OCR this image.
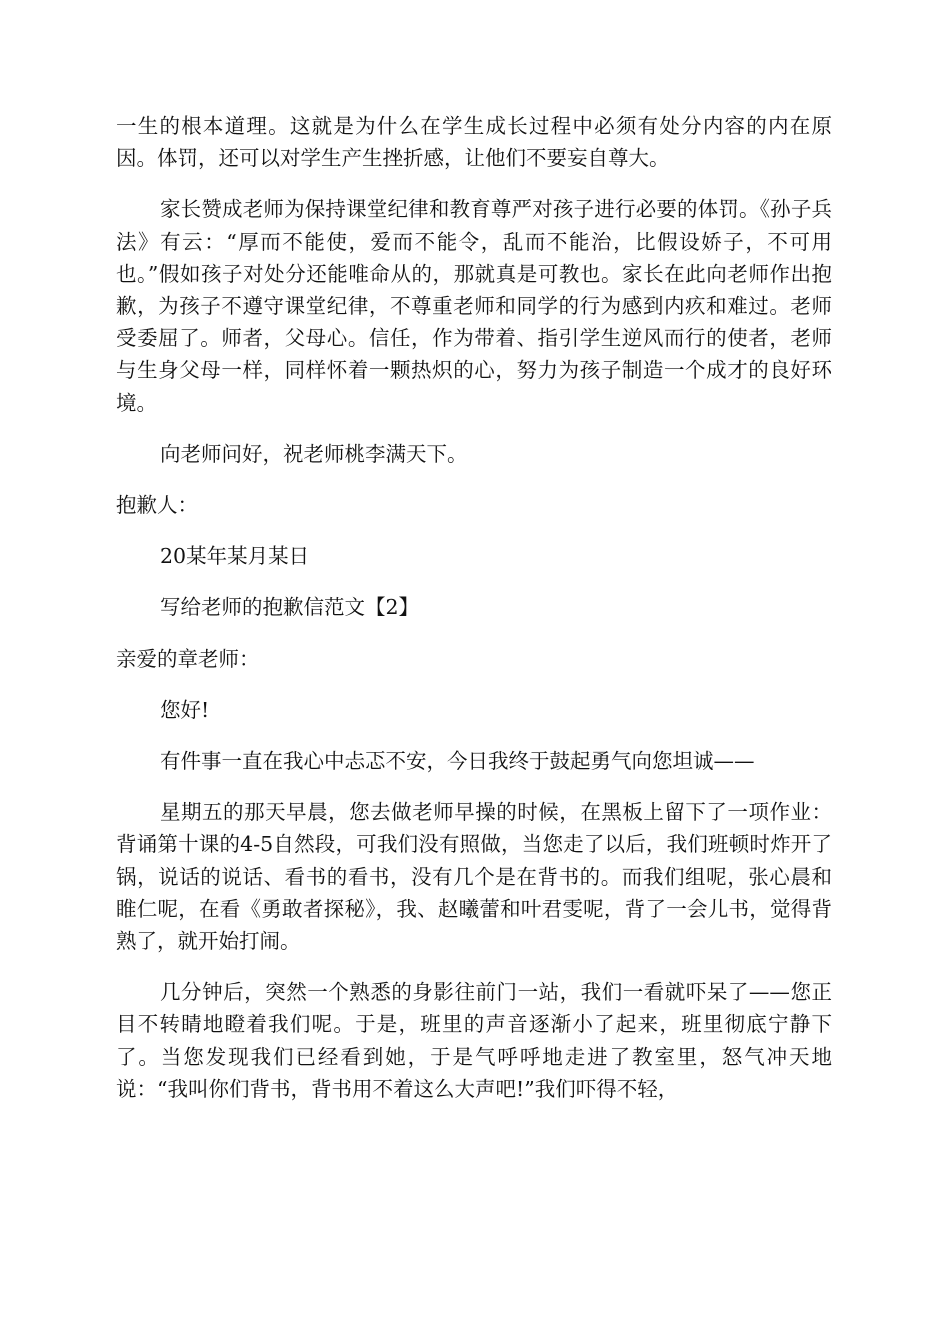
一生的根本道理。这就是为什么在学生成长过程中必须有处分内容的内在原因。体罚，还可以对学生产生挫折感，让他们不要妄自尊大。

家长赞成老师为保持课堂纪律和教育尊严对孩子进行必要的体罚。《孙子兵法》有云：“厚而不能使，爱而不能令，乱而不能治，比假设娇子，不可用也。”假如孩子对处分还能唯命从的，那就真是可教也。家长在此向老师作出抱歉，为孩子不遵守课堂纪律，不尊重老师和同学的行为感到内疚和难过。老师受委屈了。师者，父母心。信任，作为带着、指引学生逆风而行的使者，老师与生身父母一样，同样怀着一颗热炽的心，努力为孩子制造一个成才的良好环境。

向老师问好，祝老师桃李满天下。

抱歉人：

20某年某月某日

写给老师的抱歉信范文【2】

亲爱的章老师：

您好!

有件事一直在我心中忐忑不安，今日我终于鼓起勇气向您坦诚——

星期五的那天早晨，您去做老师早操的时候，在黑板上留下了一项作业：背诵第十课的4-5自然段，可我们没有照做，当您走了以后，我们班顿时炸开了锅，说话的说话、看书的看书，没有几个是在背书的。而我们组呢，张心晨和睢仁呢，在看《勇敢者探秘》，我、赵曦蕾和叶君雯呢，背了一会儿书，觉得背熟了，就开始打闹。

几分钟后，突然一个熟悉的身影往前门一站，我们一看就吓呆了——您正目不转睛地瞪着我们呢。于是，班里的声音逐渐小了起来，班里彻底宁静下了。当您发现我们已经看到她，于是气呼呼地走进了教室里，怒气冲天地说：“我叫你们背书，背书用不着这么大声吧!”我们吓得不轻，
